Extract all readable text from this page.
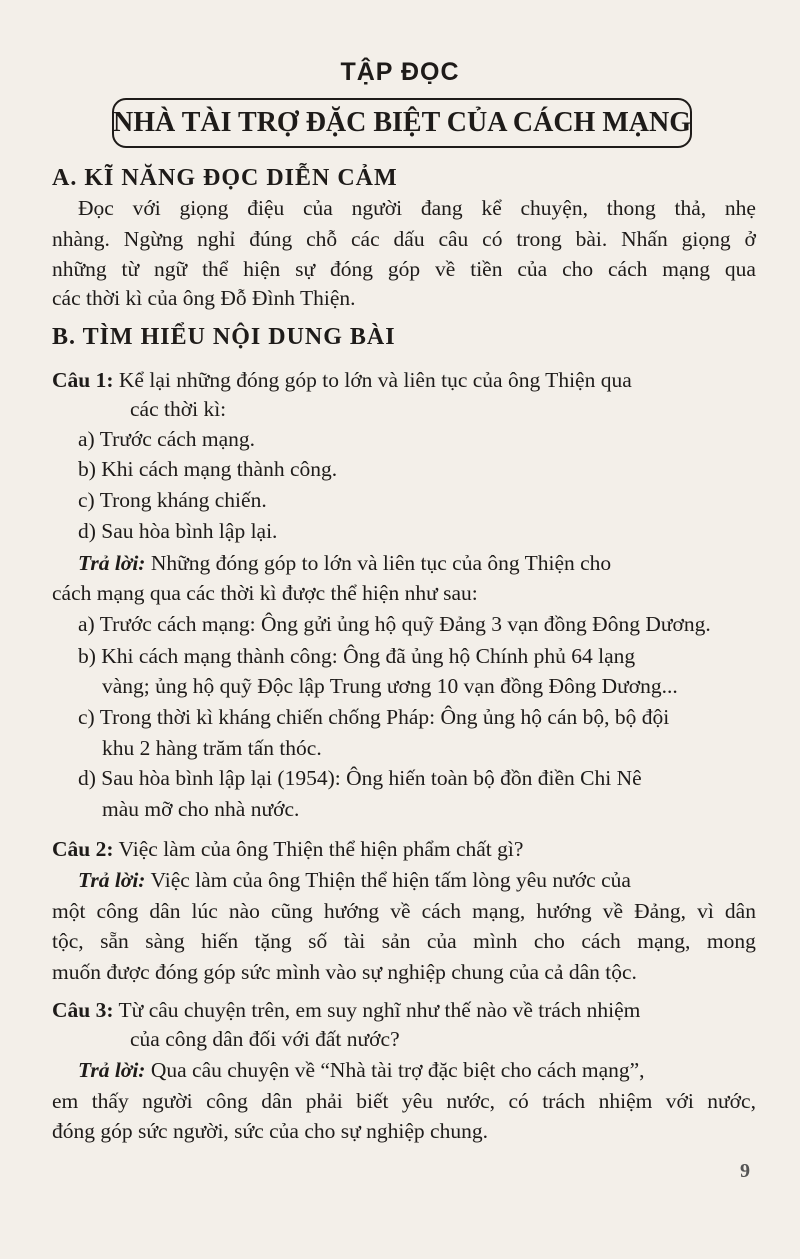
TẬP ĐỌC
NHÀ TÀI TRỢ ĐẶC BIỆT CỦA CÁCH MẠNG
A. KĨ NĂNG ĐỌC DIỄN CẢM
Đọc với giọng điệu của người đang kể chuyện, thong thả, nhẹ
nhàng. Ngừng nghỉ đúng chỗ các dấu câu có trong bài. Nhấn giọng ở
những từ ngữ thể hiện sự đóng góp về tiền của cho cách mạng qua
các thời kì của ông Đỗ Đình Thiện.
B. TÌM HIỂU NỘI DUNG BÀI
Câu 1: Kể lại những đóng góp to lớn và liên tục của ông Thiện qua
các thời kì:
a) Trước cách mạng.
b) Khi cách mạng thành công.
c) Trong kháng chiến.
d) Sau hòa bình lập lại.
Trả lời: Những đóng góp to lớn và liên tục của ông Thiện cho
cách mạng qua các thời kì được thể hiện như sau:
a) Trước cách mạng: Ông gửi ủng hộ quỹ Đảng 3 vạn đồng Đông Dương.
b) Khi cách mạng thành công: Ông đã ủng hộ Chính phủ 64 lạng
vàng; ủng hộ quỹ Độc lập Trung ương 10 vạn đồng Đông Dương...
c) Trong thời kì kháng chiến chống Pháp: Ông ủng hộ cán bộ, bộ đội
khu 2 hàng trăm tấn thóc.
d) Sau hòa bình lập lại (1954): Ông hiến toàn bộ đồn điền Chi Nê
màu mỡ cho nhà nước.
Câu 2: Việc làm của ông Thiện thể hiện phẩm chất gì?
Trả lời: Việc làm của ông Thiện thể hiện tấm lòng yêu nước của
một công dân lúc nào cũng hướng về cách mạng, hướng về Đảng, vì dân
tộc, sẵn sàng hiến tặng số tài sản của mình cho cách mạng, mong
muốn được đóng góp sức mình vào sự nghiệp chung của cả dân tộc.
Câu 3: Từ câu chuyện trên, em suy nghĩ như thế nào về trách nhiệm
của công dân đối với đất nước?
Trả lời: Qua câu chuyện về “Nhà tài trợ đặc biệt cho cách mạng”,
em thấy người công dân phải biết yêu nước, có trách nhiệm với nước,
đóng góp sức người, sức của cho sự nghiệp chung.
9
